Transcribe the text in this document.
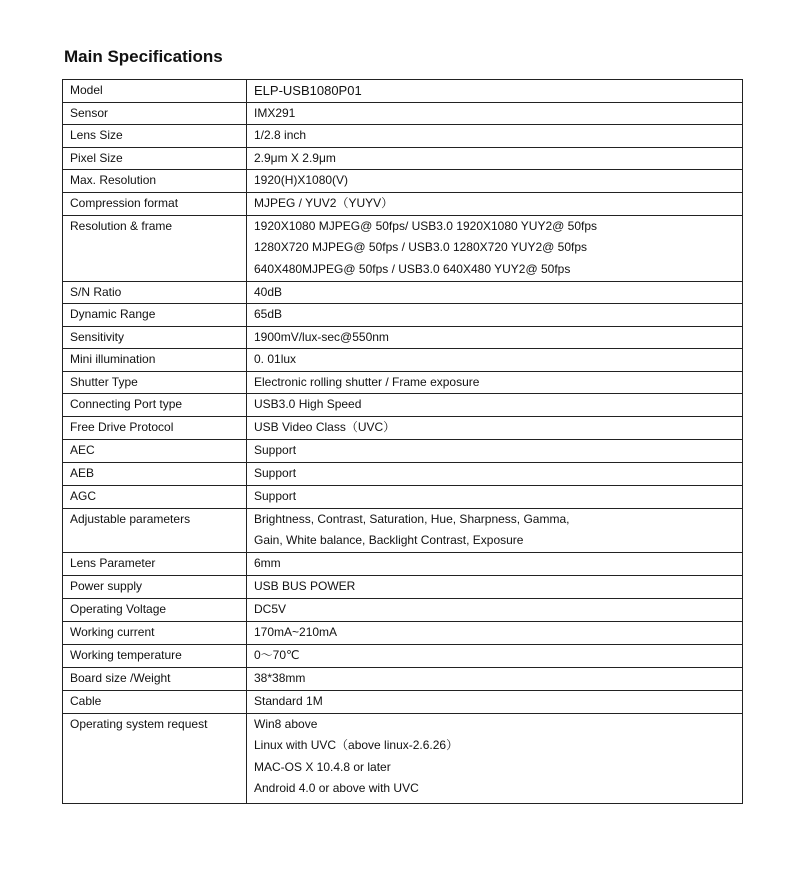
Main Specifications
Model	ELP-USB1080P01

Sensor	IMX291

Lens Size	1/2.8 inch

Pixel Size	2.9μm X 2.9μm

Max. Resolution	1920(H)X1080(V)

Compression format	MJPEG / YUV2（YUYV）

Resolution & frame	1920X1080 MJPEG@ 50fps/ USB3.0 1920X1080 YUY2@ 50fps
1280X720 MJPEG@ 50fps / USB3.0 1280X720 YUY2@ 50fps
640X480MJPEG@ 50fps / USB3.0 640X480 YUY2@ 50fps

S/N Ratio	40dB

Dynamic Range	65dB

Sensitivity	1900mV/lux-sec@550nm

Mini illumination	0. 01lux

Shutter Type	Electronic rolling shutter / Frame exposure

Connecting Port type	USB3.0 High Speed

Free Drive Protocol	USB Video Class（UVC）

AEC	Support

AEB	Support

AGC	Support

Adjustable parameters	Brightness, Contrast, Saturation, Hue, Sharpness, Gamma,
Gain, White balance, Backlight Contrast, Exposure

Lens Parameter	6mm

Power supply	USB BUS POWER

Operating Voltage	DC5V

Working current	170mA~210mA

Working temperature	0～70℃

Board size /Weight	38*38mm

Cable	Standard 1M

Operating system request	Win8 above
Linux with UVC（above linux-2.6.26）
MAC-OS X 10.4.8 or later
Android 4.0 or above with UVC
